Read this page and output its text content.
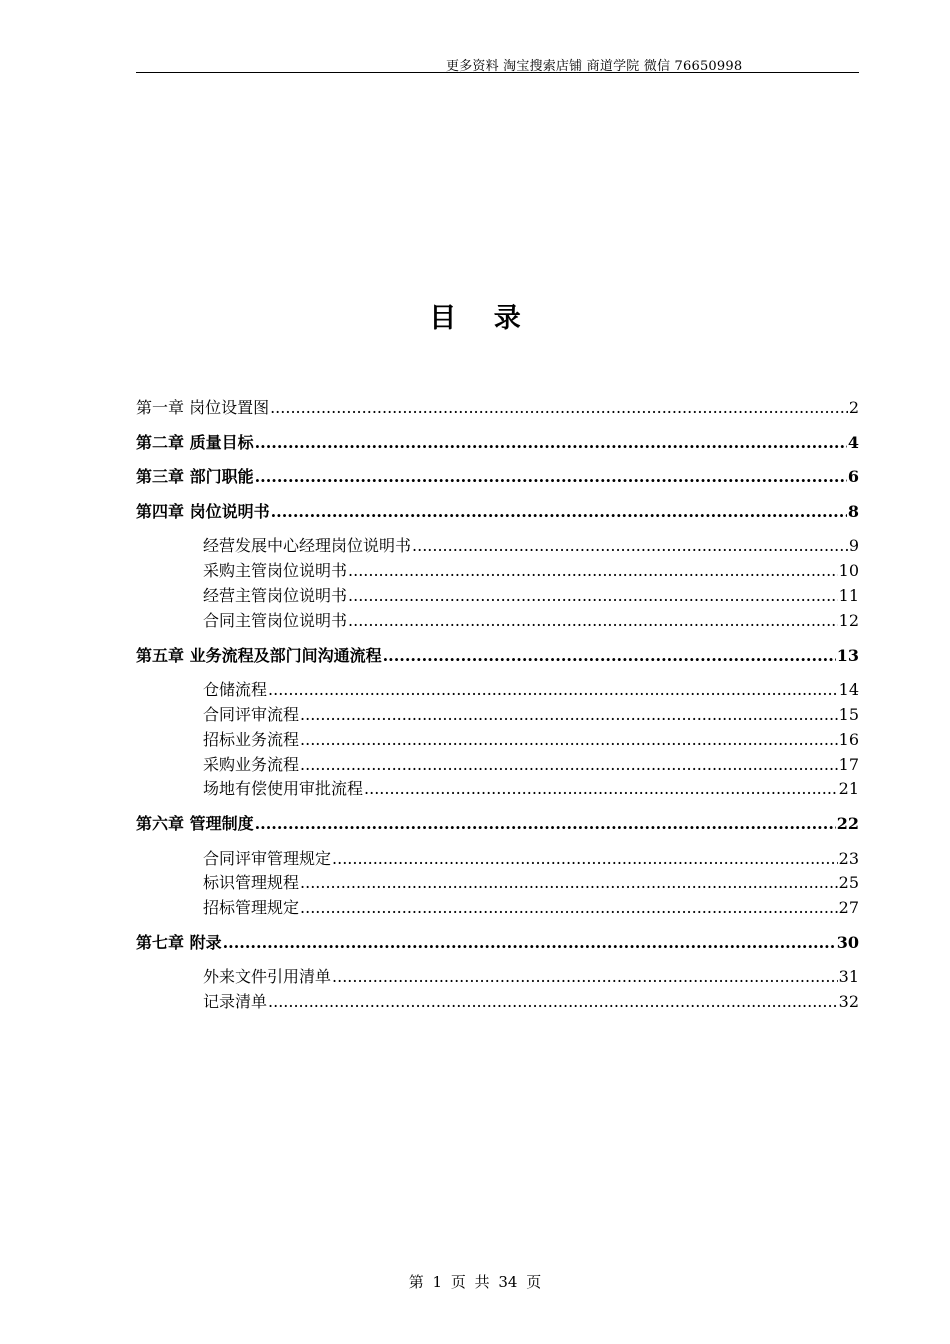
更多资料 淘宝搜索店铺 商道学院 微信 76650998
目 录
第一章 岗位设置图 .....	2
第二章 质量目标 .....	4
第三章 部门职能 .....	6
第四章 岗位说明书 .....	8
经营发展中心经理岗位说明书 .....	9
采购主管岗位说明书 .....	10
经营主管岗位说明书 .....	11
合同主管岗位说明书 .....	12
第五章 业务流程及部门间沟通流程 .....	13
仓储流程 .....	14
合同评审流程 .....	15
招标业务流程 .....	16
采购业务流程 .....	17
场地有偿使用审批流程 .....	21
第六章 管理制度 .....	22
合同评审管理规定 .....	23
标识管理规程 .....	25
招标管理规定 .....	27
第七章 附录 .....	30
外来文件引用清单 .....	31
记录清单 .....	32
第 1 页 共 34 页
